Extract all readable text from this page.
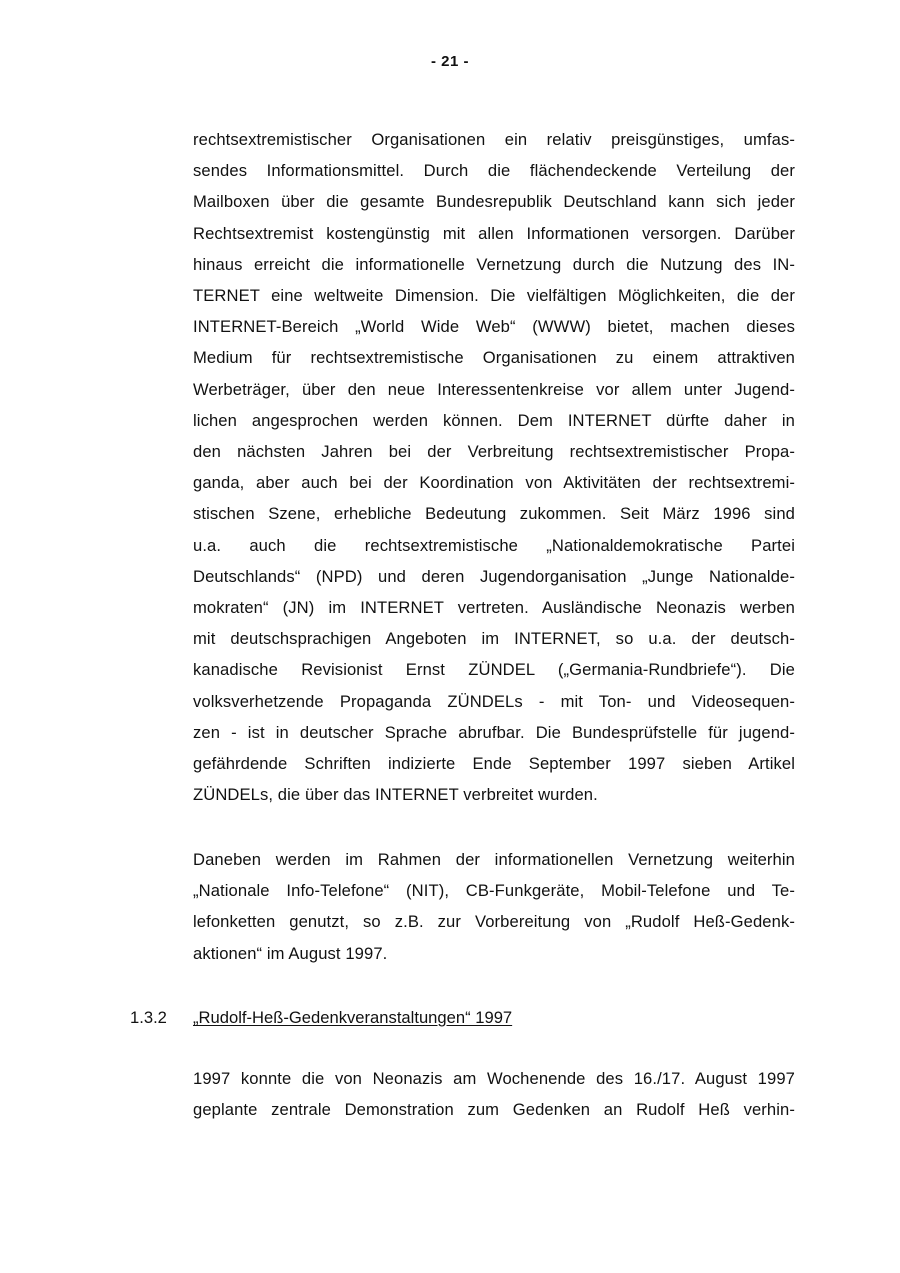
- 21 -
rechtsextremistischer Organisationen ein relativ preisgünstiges, umfas-
sendes Informationsmittel. Durch die flächendeckende Verteilung der
Mailboxen über die gesamte Bundesrepublik Deutschland kann sich jeder
Rechtsextremist kostengünstig mit allen Informationen versorgen. Darüber
hinaus erreicht die informationelle Vernetzung durch die Nutzung des IN-
TERNET eine weltweite Dimension. Die vielfältigen Möglichkeiten, die der
INTERNET-Bereich „World Wide Web“ (WWW) bietet, machen dieses
Medium für rechtsextremistische Organisationen zu einem attraktiven
Werbeträger, über den neue Interessentenkreise vor allem unter Jugend-
lichen angesprochen werden können. Dem INTERNET dürfte daher in
den nächsten Jahren bei der Verbreitung rechtsextremistischer Propa-
ganda, aber auch bei der Koordination von Aktivitäten der rechtsextremi-
stischen Szene, erhebliche Bedeutung zukommen. Seit März 1996 sind
u.a. auch die rechtsextremistische „Nationaldemokratische Partei
Deutschlands“ (NPD) und deren Jugendorganisation „Junge Nationalde-
mokraten“ (JN) im INTERNET vertreten. Ausländische Neonazis werben
mit deutschsprachigen Angeboten im INTERNET, so u.a. der deutsch-
kanadische Revisionist Ernst ZÜNDEL („Germania-Rundbriefe“). Die
volksverhetzende Propaganda ZÜNDELs - mit Ton- und Videosequen-
zen - ist in deutscher Sprache abrufbar. Die Bundesprüfstelle für jugend-
gefährdende Schriften indizierte Ende September 1997 sieben Artikel
ZÜNDELs, die über das INTERNET verbreitet wurden.
Daneben werden im Rahmen der informationellen Vernetzung weiterhin
„Nationale Info-Telefone“ (NIT), CB-Funkgeräte, Mobil-Telefone und Te-
lefonketten genutzt, so z.B. zur Vorbereitung von „Rudolf Heß-Gedenk-
aktionen“ im August 1997.
1.3.2 „Rudolf-Heß-Gedenkveranstaltungen“ 1997
1997 konnte die von Neonazis am Wochenende des 16./17. August 1997
geplante zentrale Demonstration zum Gedenken an Rudolf Heß verhin-
